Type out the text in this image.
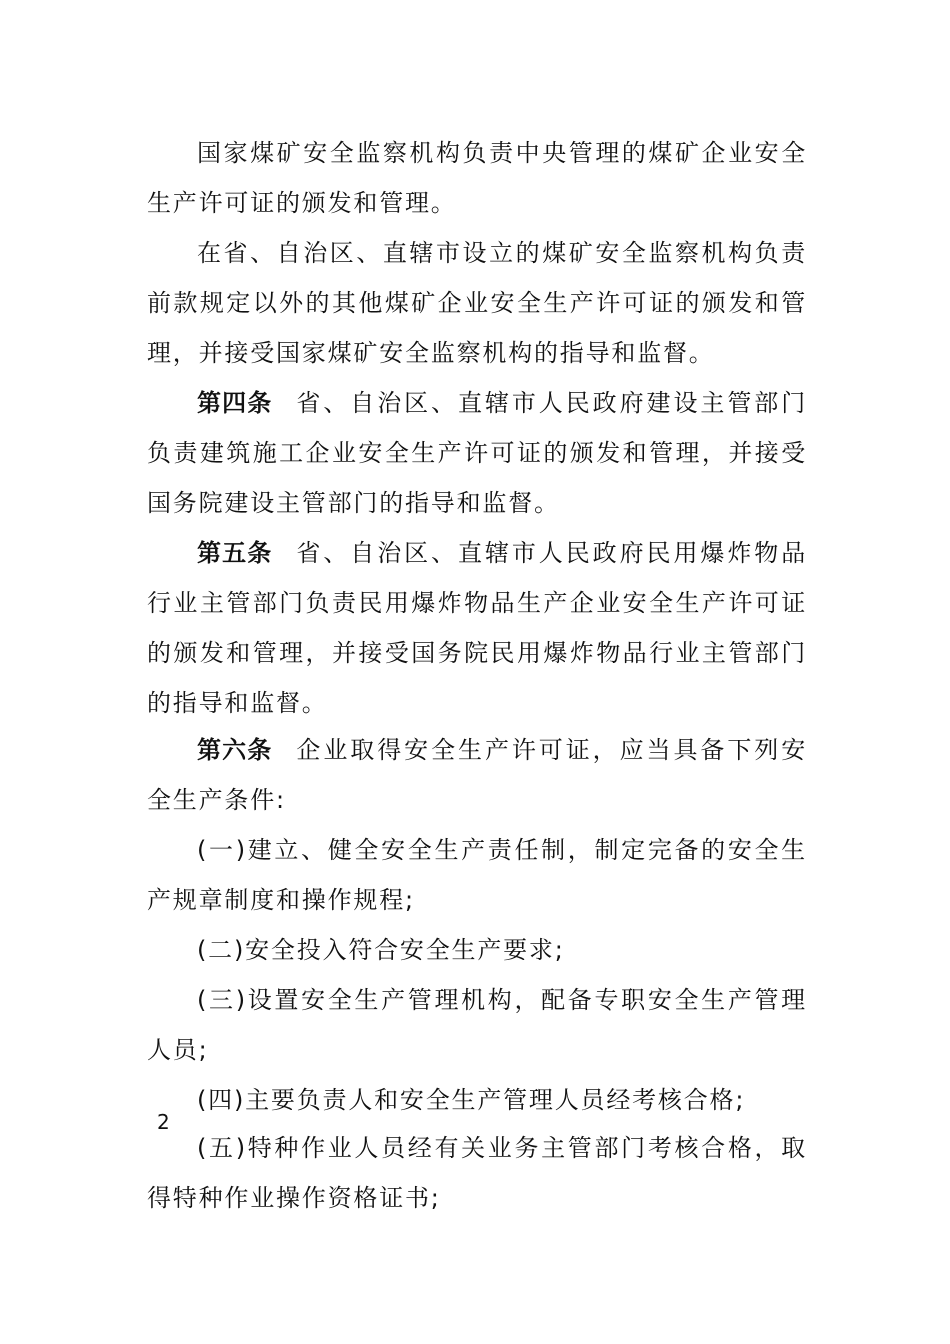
国家煤矿安全监察机构负责中央管理的煤矿企业安全生产许可证的颁发和管理。

在省、自治区、直辖市设立的煤矿安全监察机构负责前款规定以外的其他煤矿企业安全生产许可证的颁发和管理，并接受国家煤矿安全监察机构的指导和监督。

第四条 省、自治区、直辖市人民政府建设主管部门负责建筑施工企业安全生产许可证的颁发和管理，并接受国务院建设主管部门的指导和监督。

第五条 省、自治区、直辖市人民政府民用爆炸物品行业主管部门负责民用爆炸物品生产企业安全生产许可证的颁发和管理，并接受国务院民用爆炸物品行业主管部门的指导和监督。

第六条 企业取得安全生产许可证，应当具备下列安全生产条件:

(一)建立、健全安全生产责任制，制定完备的安全生产规章制度和操作规程;

(二)安全投入符合安全生产要求;

(三)设置安全生产管理机构，配备专职安全生产管理人员;

(四)主要负责人和安全生产管理人员经考核合格;

(五)特种作业人员经有关业务主管部门考核合格，取得特种作业操作资格证书;

2
